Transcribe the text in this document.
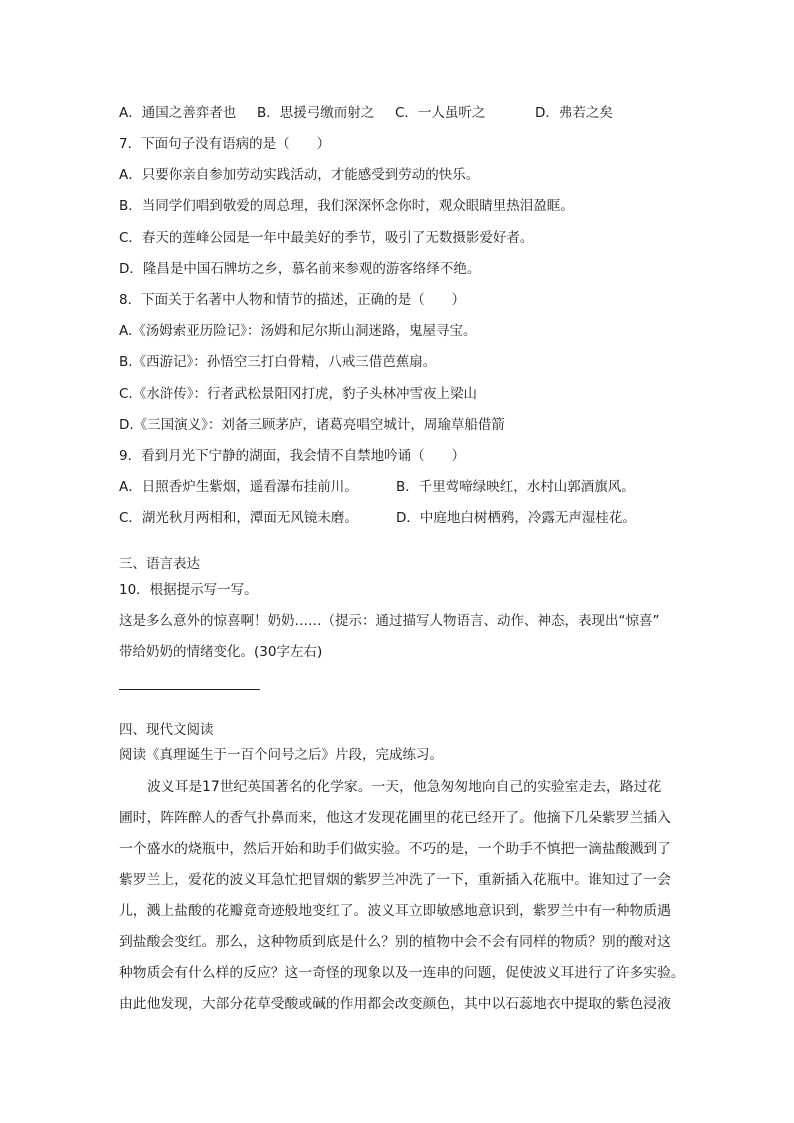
A．通国之善弈者也 B．思援弓缴而射之 C．一人虽听之	D．弗若之矣
7．下面句子没有语病的是（　　）
A．只要你亲自参加劳动实践活动，才能感受到劳动的快乐。
B．当同学们唱到敬爱的周总理，我们深深怀念你时，观众眼睛里热泪盈眶。
C．春天的莲峰公园是一年中最美好的季节，吸引了无数摄影爱好者。
D．隆昌是中国石牌坊之乡，慕名前来参观的游客络绎不绝。
8．下面关于名著中人物和情节的描述，正确的是（　　）
A.《汤姆索亚历险记》：汤姆和尼尔斯山洞迷路，鬼屋寻宝。
B.《西游记》：孙悟空三打白骨精，八戒三借芭蕉扇。
C.《水浒传》：行者武松景阳冈打虎，豹子头林冲雪夜上梁山
D.《三国演义》：刘备三顾茅庐，诸葛亮唱空城计，周瑜草船借箭
9．看到月光下宁静的湖面，我会情不自禁地吟诵（　　）
A．日照香炉生紫烟，遥看瀑布挂前川。	B．千里莺啼绿映红，水村山郭酒旗风。
C．湖光秋月两相和，潭面无风镜未磨。	D．中庭地白树栖鸦，冷露无声湿桂花。
三、语言表达
10．根据提示写一写。
这是多么意外的惊喜啊！奶奶……（提示：通过描写人物语言、动作、神态，表现出“惊喜”
带给奶奶的情绪变化。(30字左右)
四、现代文阅读
阅读《真理诞生于一百个问号之后》片段，完成练习。
波义耳是17世纪英国著名的化学家。一天，他急匆匆地向自己的实验室走去，路过花
圃时，阵阵醉人的香气扑鼻而来，他这才发现花圃里的花已经开了。他摘下几朵紫罗兰插入
一个盛水的烧瓶中，然后开始和助手们做实验。不巧的是，一个助手不慎把一滴盐酸溅到了
紫罗兰上，爱花的波义耳急忙把冒烟的紫罗兰冲洗了一下，重新插入花瓶中。谁知过了一会
儿，溅上盐酸的花瓣竟奇迹般地变红了。波义耳立即敏感地意识到，紫罗兰中有一种物质遇
到盐酸会变红。那么，这种物质到底是什么？别的植物中会不会有同样的物质？别的酸对这
种物质会有什么样的反应？这一奇怪的现象以及一连串的问题，促使波义耳进行了许多实验。
由此他发现，大部分花草受酸或碱的作用都会改变颜色，其中以石蕊地衣中提取的紫色浸液
